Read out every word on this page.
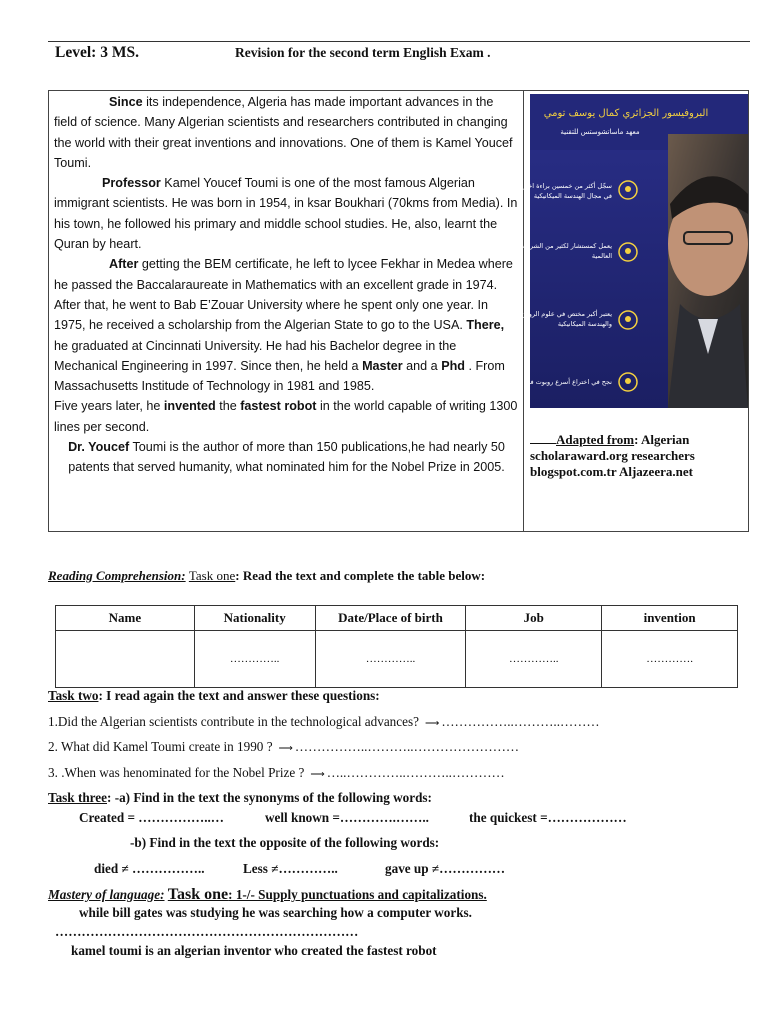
Level: 3 MS.	Revision for the second term English Exam .

Since its independence, Algeria has made important advances in the field of science. Many Algerian scientists and researchers contributed in changing the world with their great inventions and innovations. One of them is Kamel Youcef Toumi.

Professor Kamel Youcef Toumi is one of the most famous Algerian immigrant scientists. He was born in 1954, in ksar Boukhari (70kms from Media). In his town, he followed his primary and middle school studies. He, also, learnt the Quran by heart.

After getting the BEM certificate, he left to lycee Fekhar in Medea where he passed the Baccalaraureate in Mathematics with an excellent grade in 1974. After that, he went to Bab E’Zouar University where he spent only one year. In 1975, he received a scholarship from the Algerian State to go to the USA. There, he graduated at Cincinnati University. He had his Bachelor degree in the Mechanical Engineering in 1997. Since then, he held a Master and a Phd . From Massachusetts Institude of Technology in 1981 and 1985.

Five years later, he invented the fastest robot in the world capable of writing 1300 lines per second.

Dr. Youcef Toumi is the author of more than 150 publications,he had nearly 50 patents that served humanity, what nominated him for the Nobel Prize in 2005.

البروفيسور الجزائري كمال يوسف تومي
معهد ماساتشوستس للتقنية
سجّل أكثر من خمسين براءة اختراع
في مجال الهندسة الميكانيكية
يعمل كمستشار لكثير من الشركات
العالمية
يعتبر أكبر مختص في علوم الروبوتيك
والهندسة الميكانيكية
نجح في اختراع أسرع روبوت في العالم
Adapted from: Algerian scholaraward.org researchers blogspot.com.tr Aljazeera.net
Reading Comprehension: Task one: Read the text and complete the table below:
Name	Nationality	Date/Place of birth	Job	invention
	…………..	…………..	…………..	………….
Task two: I read again the text and answer these questions:
1.Did the Algerian scientists contribute in the technological advances? ⟶ ……………..………..………
2. What did Kamel Toumi create in 1990 ? ⟶ ……………..………..……………………
3. .When was henominated for the Nobel Prize ? ⟶ …..…………..………..…………
Task three: -a) Find in the text the synonyms of the following words:
Created = ……………..…	well known =………….……..	the quickest =………………
-b) Find in the text the opposite of the following words:
died ≠ ……………..	Less ≠…………..	gave up ≠……………
Mastery of language: Task one: 1-/- Supply punctuations and capitalizations.
while bill gates was studying he was searching how a computer works.
……………………………………………………………
kamel toumi is an algerian inventor who created the fastest robot
